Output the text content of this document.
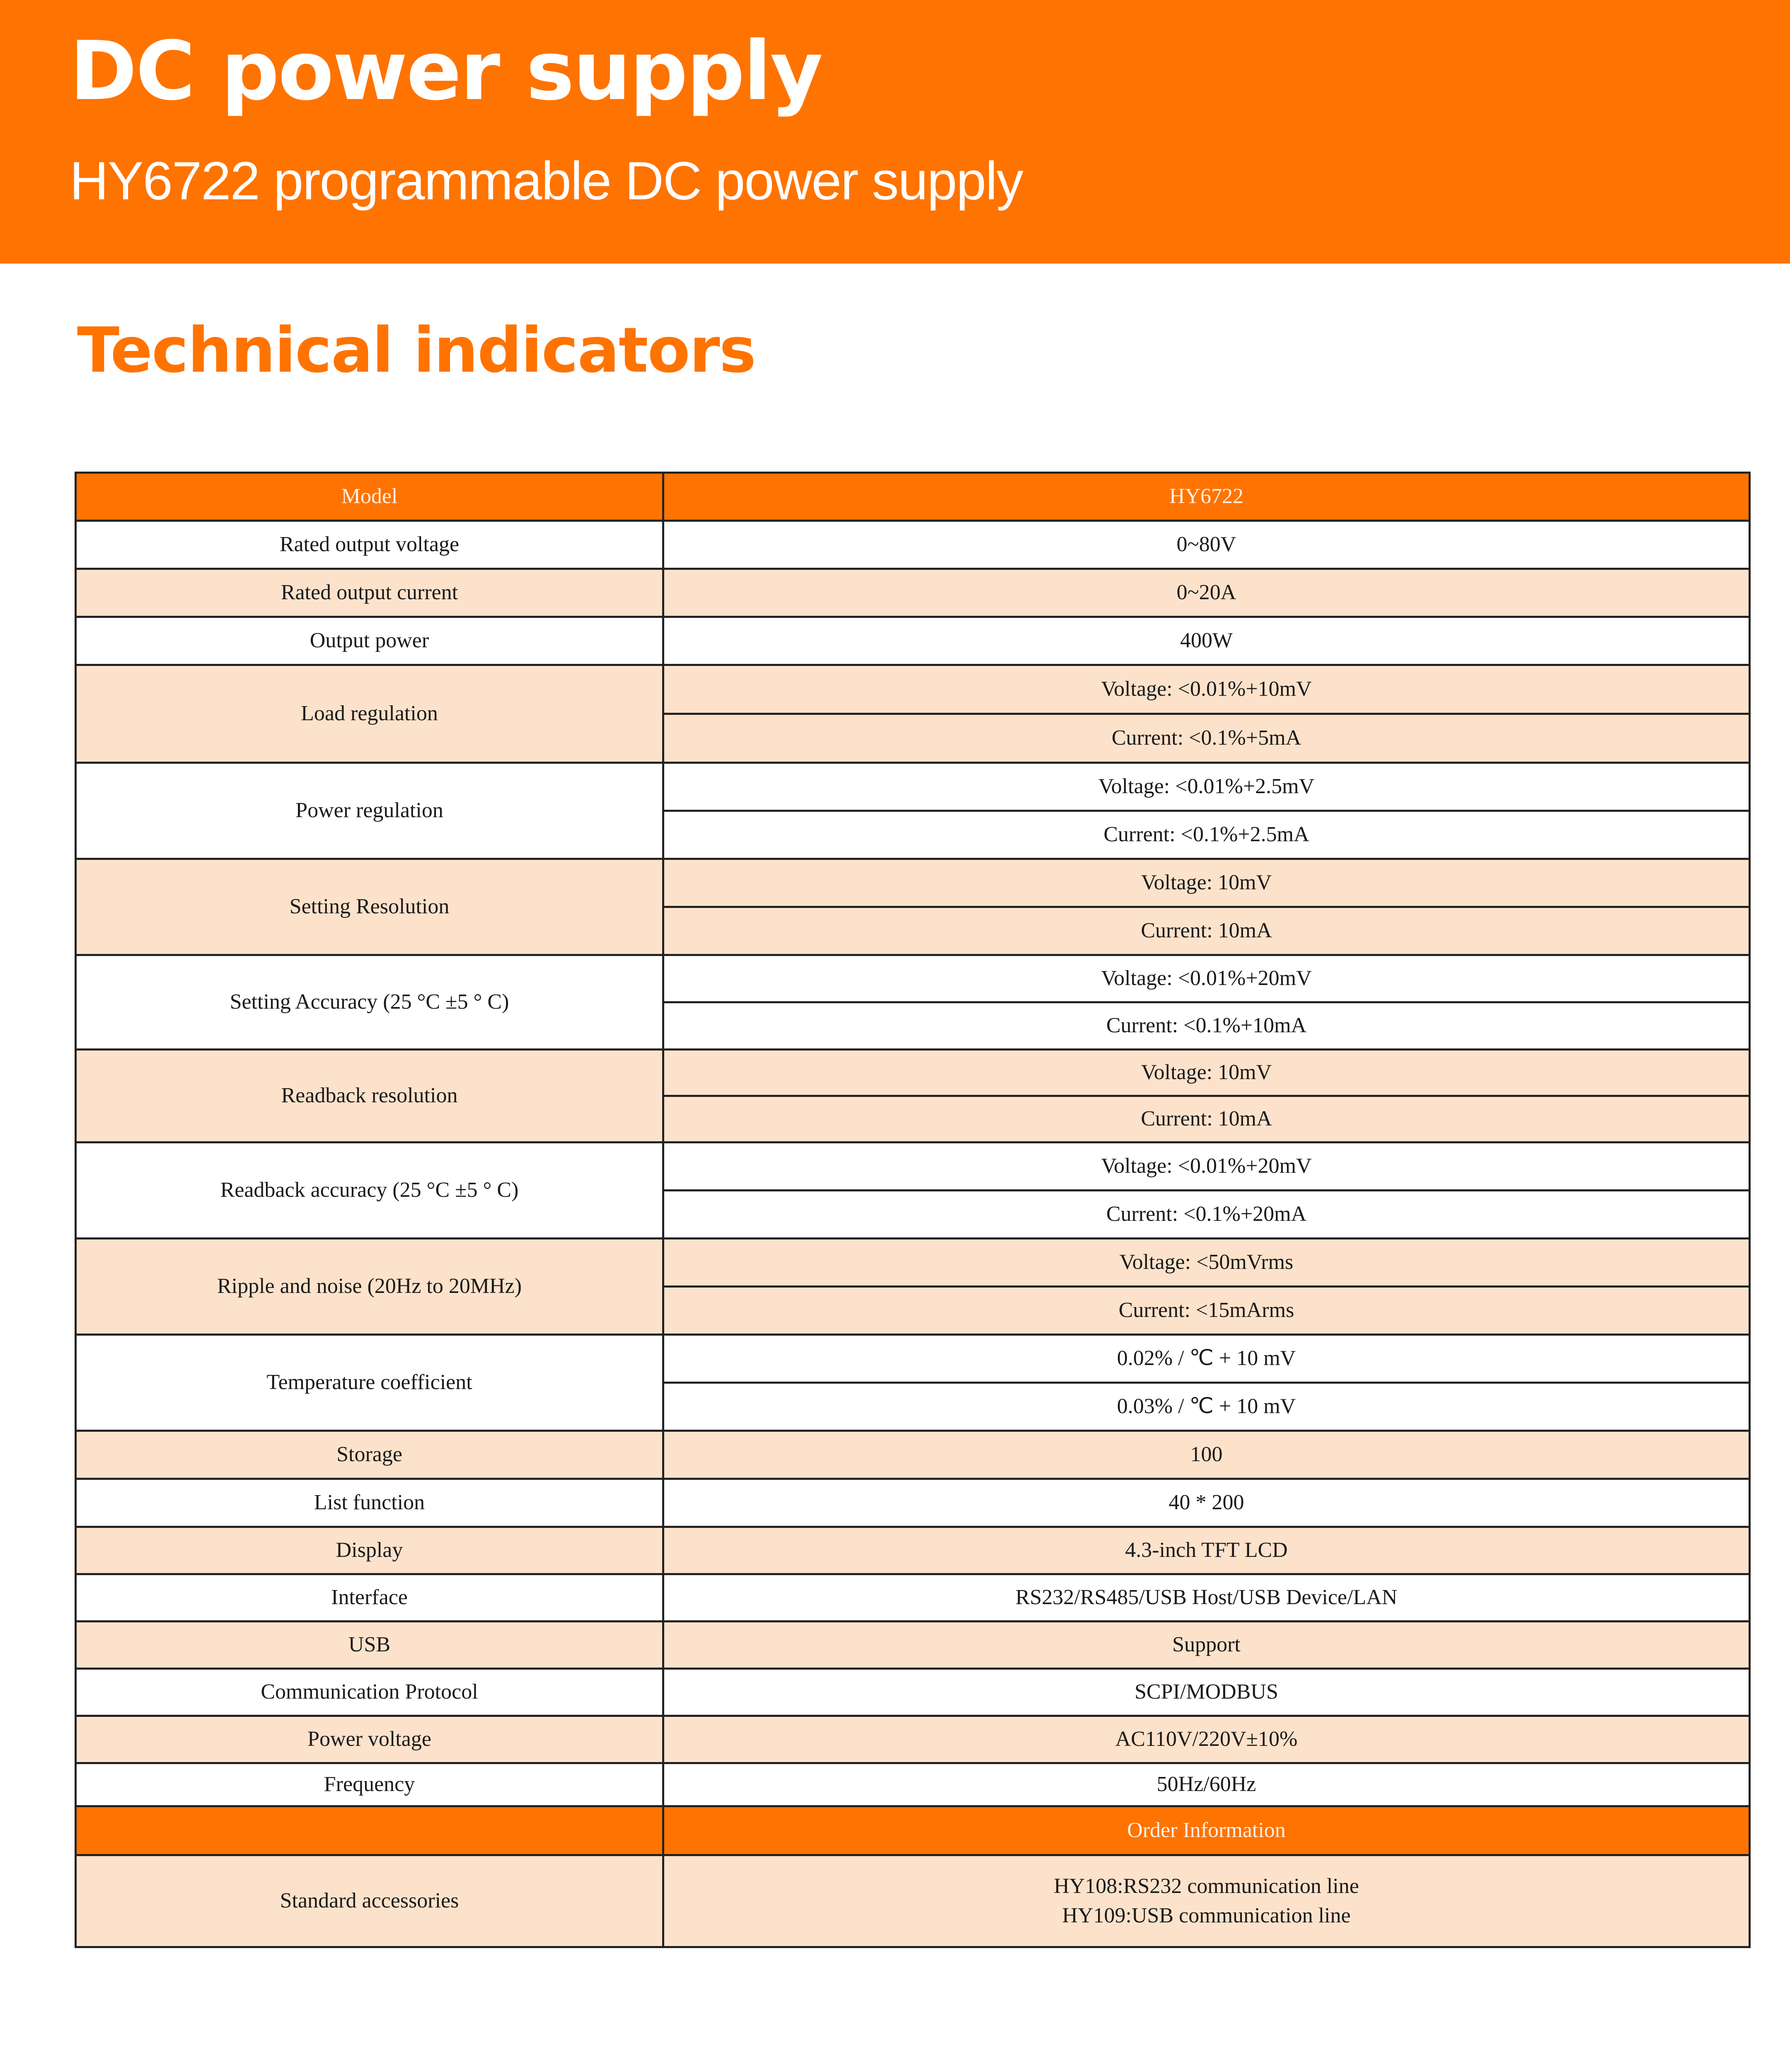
DC power supply
HY6722 programmable DC power supply
Technical indicators
Model	HY6722
Rated output voltage	0~80V
Rated output current	0~20A
Output power	400W
Load regulation	Voltage: <0.01%+10mV
	Current: <0.1%+5mA
Power regulation	Voltage: <0.01%+2.5mV
	Current: <0.1%+2.5mA
Setting Resolution	Voltage: 10mV
	Current: 10mA
Setting Accuracy (25 °C ±5 ° C)	Voltage: <0.01%+20mV
	Current: <0.1%+10mA
Readback resolution	Voltage: 10mV
	Current: 10mA
Readback accuracy (25 °C ±5 ° C)	Voltage: <0.01%+20mV
	Current: <0.1%+20mA
Ripple and noise (20Hz to 20MHz)	Voltage: <50mVrms
	Current: <15mArms
Temperature coefficient	0.02% / ℃ + 10 mV
	0.03% / ℃ + 10 mV
Storage	100
List function	40 * 200
Display	4.3-inch TFT LCD
Interface	RS232/RS485/USB Host/USB Device/LAN
USB	Support
Communication Protocol	SCPI/MODBUS
Power voltage	AC110V/220V±10%
Frequency	50Hz/60Hz
	Order Information
Standard accessories	HY108:RS232 communication line
HY109:USB communication line
